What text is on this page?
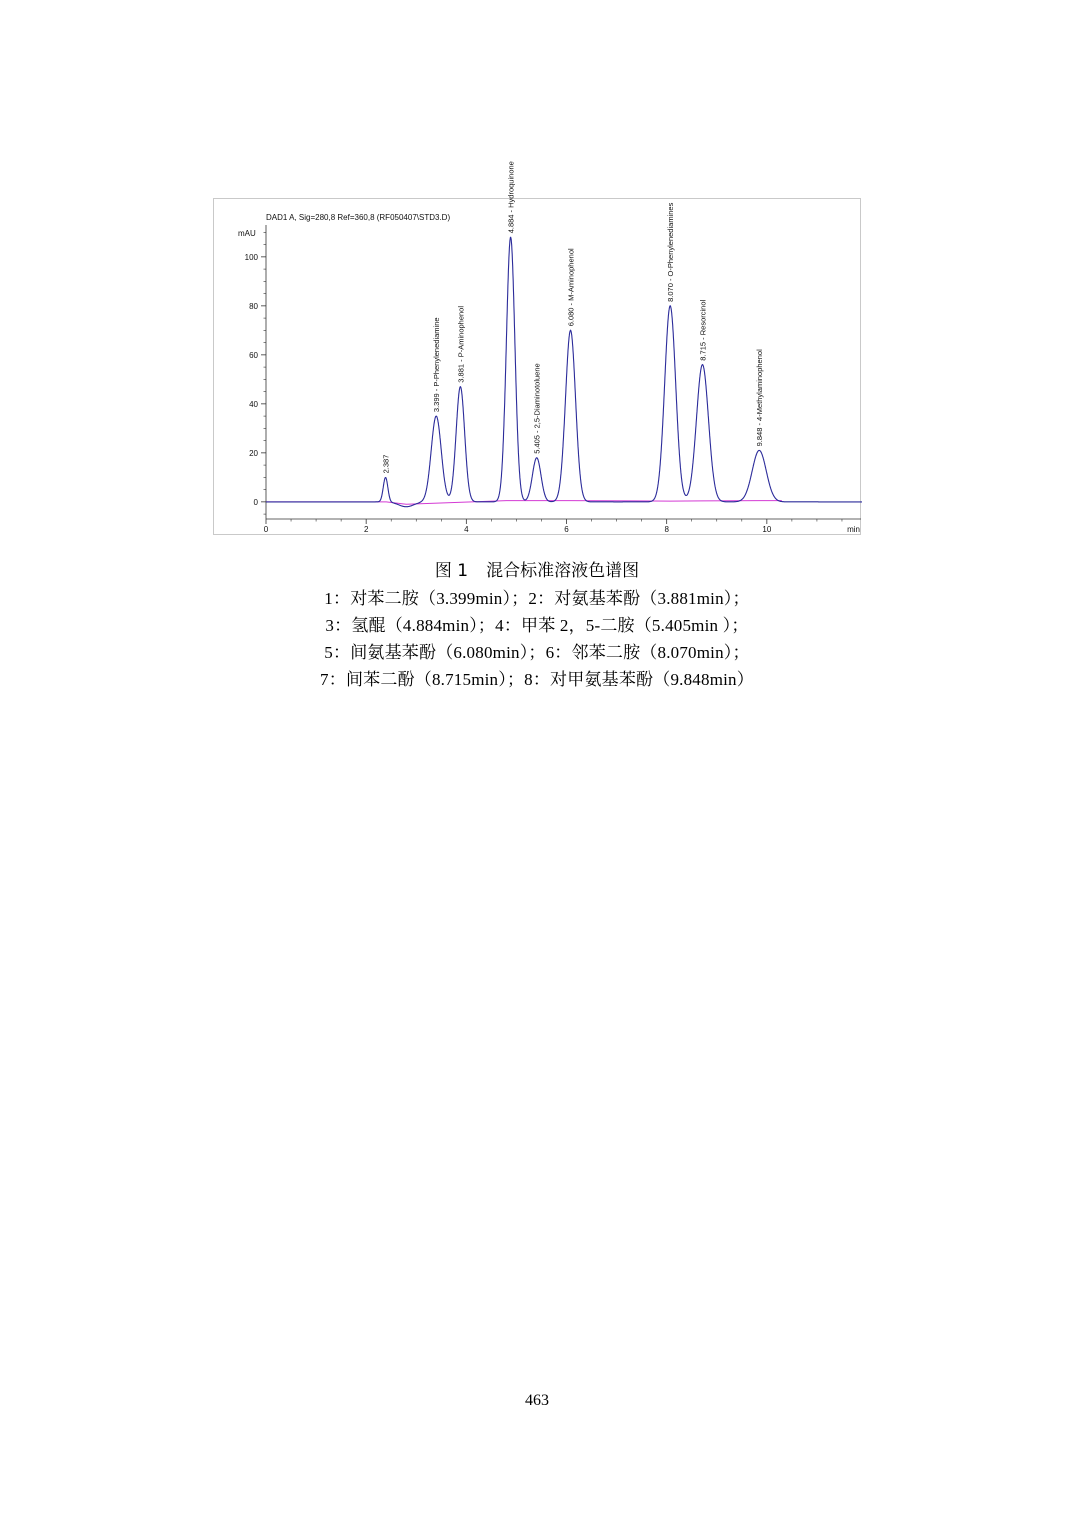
DAD1 A, Sig=280,8 Ref=360,8 (RF050407\STD3.D)
mAU
0
20
40
60
80
100
0	2	4	6	8	10	min
2.387
3.399 - P-Phenylenediamine 3.881 - P-Aminophenol
4.884 - Hydroquinone
5.405 - 2,5-Diaminotoluene
6.080 - M-Aminophenol	8.070 - O-Phenylenediamines
8.715 - Resorcinol
9.848 - 4-Methylaminophenol
图 1 混合标准溶液色谱图
1：对苯二胺（3.399min）；2：对氨基苯酚（3.881min）；
3：氢醌（4.884min）；4：甲苯 2，5-二胺（5.405min ）；
5：间氨基苯酚（6.080min）；6：邻苯二胺（8.070min）；
7：间苯二酚（8.715min）；8：对甲氨基苯酚（9.848min）
463
